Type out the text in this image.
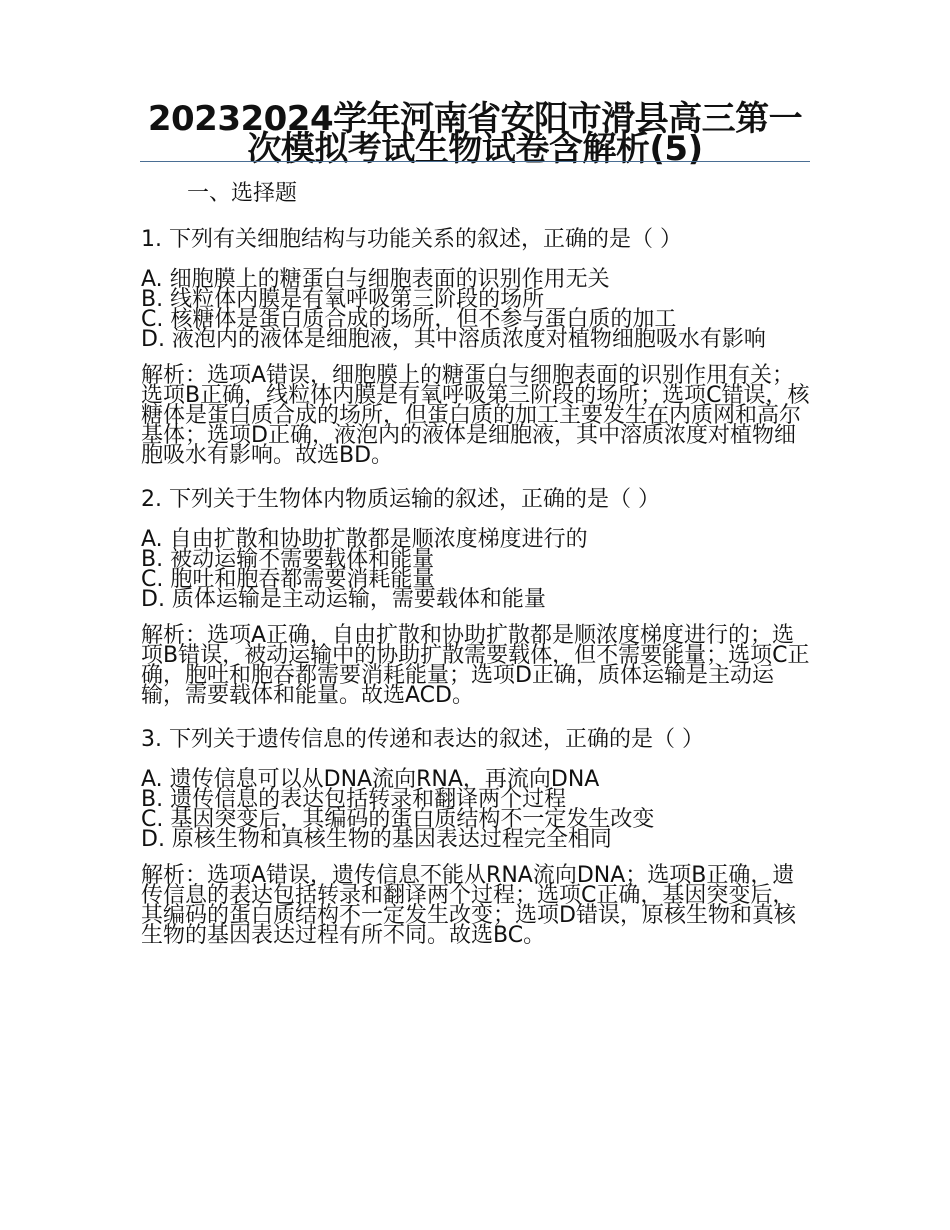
20232024学年河南省安阳市滑县高三第一次模拟考试生物试卷含解析(5)
一、选择题
1. 下列有关细胞结构与功能关系的叙述，正确的是（ ）
A. 细胞膜上的糖蛋白与细胞表面的识别作用无关
B. 线粒体内膜是有氧呼吸第三阶段的场所
C. 核糖体是蛋白质合成的场所，但不参与蛋白质的加工
D. 液泡内的液体是细胞液，其中溶质浓度对植物细胞吸水有影响
解析：选项A错误，细胞膜上的糖蛋白与细胞表面的识别作用有关；选项B正确，线粒体内膜是有氧呼吸第三阶段的场所；选项C错误，核糖体是蛋白质合成的场所，但蛋白质的加工主要发生在内质网和高尔基体；选项D正确，液泡内的液体是细胞液，其中溶质浓度对植物细胞吸水有影响。故选BD。
2. 下列关于生物体内物质运输的叙述，正确的是（ ）
A. 自由扩散和协助扩散都是顺浓度梯度进行的
B. 被动运输不需要载体和能量
C. 胞吐和胞吞都需要消耗能量
D. 质体运输是主动运输，需要载体和能量
解析：选项A正确，自由扩散和协助扩散都是顺浓度梯度进行的；选项B错误，被动运输中的协助扩散需要载体，但不需要能量；选项C正确，胞吐和胞吞都需要消耗能量；选项D正确，质体运输是主动运输，需要载体和能量。故选ACD。
3. 下列关于遗传信息的传递和表达的叙述，正确的是（ ）
A. 遗传信息可以从DNA流向RNA，再流向DNA
B. 遗传信息的表达包括转录和翻译两个过程
C. 基因突变后，其编码的蛋白质结构不一定发生改变
D. 原核生物和真核生物的基因表达过程完全相同
解析：选项A错误，遗传信息不能从RNA流向DNA；选项B正确，遗传信息的表达包括转录和翻译两个过程；选项C正确，基因突变后，其编码的蛋白质结构不一定发生改变；选项D错误，原核生物和真核生物的基因表达过程有所不同。故选BC。
